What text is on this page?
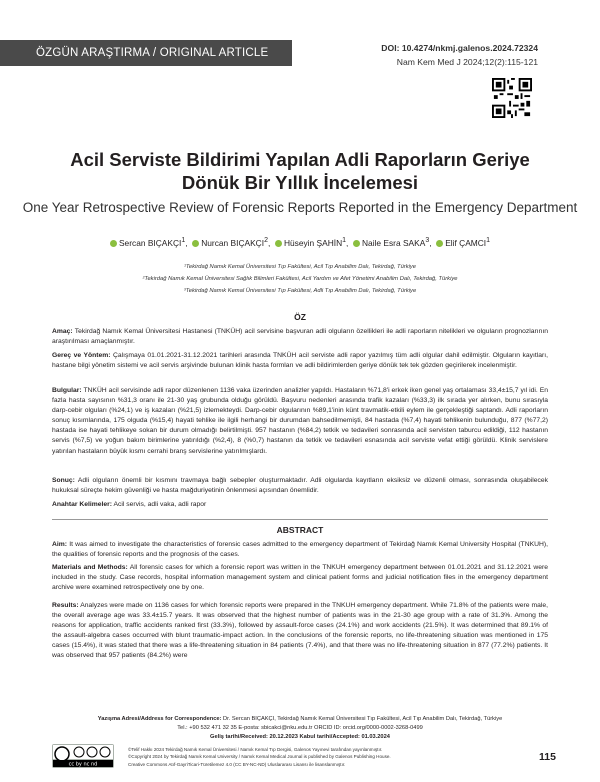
ÖZGÜN ARAŞTIRMA / ORIGINAL ARTICLE	DOI: 10.4274/nkmj.galenos.2024.72324
Nam Kem Med J 2024;12(2):115-121
Acil Serviste Bildirimi Yapılan Adli Raporların Geriye Dönük Bir Yıllık İncelemesi
One Year Retrospective Review of Forensic Reports Reported in the Emergency Department
Sercan BIÇAKÇI$^1$,  Nurcan BIÇAKÇI$^2$,  Hüseyin ŞAHİN$^1$,  Naile Esra SAKA$^3$,  Elif ÇAMCI$^1$
¹Tekirdağ Namık Kemal Üniversitesi Tıp Fakültesi, Acil Tıp Anabilim Dalı, Tekirdağ, Türkiye
²Tekirdağ Namık Kemal Üniversitesi Sağlık Bilimleri Fakültesi, Acil Yardım ve Afet Yönetimi Anabilim Dalı, Tekirdağ, Türkiye
³Tekirdağ Namık Kemal Üniversitesi Tıp Fakültesi, Adli Tıp Anabilim Dalı, Tekirdağ, Türkiye
ÖZ
Amaç: Tekirdağ Namık Kemal Üniversitesi Hastanesi (TNKÜH) acil servisine başvuran adli olguların özellikleri ile adli raporların nitelikleri ve olguların prognozlarının araştırılması amaçlanmıştır.
Gereç ve Yöntem: Çalışmaya 01.01.2021-31.12.2021 tarihleri arasında TNKÜH acil serviste adli rapor yazılmış tüm adli olgular dahil edilmiştir. Olguların kayıtları, hastane bilgi yönetim sistemi ve acil servis arşivinde bulunan klinik hasta formları ve adli bildirimlerden geriye dönük tek tek gözden geçirilerek incelenmiştir.
Bulgular: TNKÜH acil servisinde adli rapor düzenlenen 1136 vaka üzerinden analizler yapıldı. Hastaların %71,8'i erkek iken genel yaş ortalaması 33,4±15,7 yıl idi. En fazla hasta sayısının %31,3 oranı ile 21-30 yaş grubunda olduğu görüldü. Başvuru nedenleri arasında trafik kazaları (%33,3) ilk sırada yer alırken, bunu sırasıyla darp-cebir olguları (%24,1) ve iş kazaları (%21,5) izlemekteydi. Darp-cebir olgularının %89,1'inin künt travmatik-etkili eylem ile gerçekleştiği saptandı. Adli raporların sonuç kısımlarında, 175 olguda (%15,4) hayati tehlike ile ilgili herhangi bir durumdan bahsedilmemişti, 84 hastada (%7,4) hayati tehlikenin bulunduğu, 877 (%77,2) hastada ise hayati tehlikeye sokan bir durum olmadığı belirtilmişti. 957 hastanın (%84,2) tetkik ve tedavileri sonrasında acil servisten taburcu edildiği, 112 hastanın servis (%7,5) ve yoğun bakım birimlerine yatırıldığı (%2,4), 8 (%0,7) hastanın da tetkik ve tedavileri esnasında acil serviste vefat ettiği görüldü. Klinik servislere yatırılan hastaların büyük kısmı cerrahi branş servislerine yatırılmışlardı.
Sonuç: Adli olguların önemli bir kısmını travmaya bağlı sebepler oluşturmaktadır. Adli olgularda kayıtların eksiksiz ve düzenli olması, sonrasında oluşabilecek hukuksal süreçte hekim güvenliği ve hasta mağduriyetinin önlenmesi açısından önemlidir.
Anahtar Kelimeler: Acil servis, adli vaka, adli rapor
ABSTRACT
Aim: It was aimed to investigate the characteristics of forensic cases admitted to the emergency department of Tekirdağ Namık Kemal University Hospital (TNKUH), the qualities of forensic reports and the prognosis of the cases.
Materials and Methods: All forensic cases for which a forensic report was written in the TNKUH emergency department between 01.01.2021 and 31.12.2021 were included in the study. Case records, hospital information management system and clinical patient forms and judicial notification files in the emergency department archive were examined retrospectively one by one.
Results: Analyzes were made on 1136 cases for which forensic reports were prepared in the TNKUH emergency department. While 71.8% of the patients were male, the overall average age was 33.4±15.7 years. It was observed that the highest number of patients was in the 21-30 age group with a rate of 31.3%. Among the reasons for application, traffic accidents ranked first (33.3%), followed by assault-force cases (24.1%) and work accidents (21.5%). It was determined that 89.1% of the assault-algebra cases occurred with blunt traumatic-impact action. In the conclusions of the forensic reports, no life-threatening situation was mentioned in 175 cases (15.4%), it was stated that there was a life-threatening situation in 84 patients (7.4%), and that there was no life-threatening situation in 877 (77.2%) patients. It was observed that 957 patients (84.2%) were
Yazışma Adresi/Address for Correspondence: Dr. Sercan BIÇAKÇI, Tekirdağ Namık Kemal Üniversitesi Tıp Fakültesi, Acil Tıp Anabilim Dalı, Tekirdağ, Türkiye
Tel.: +90 532 471 32 35 E-posta: sbicakci@nku.edu.tr ORCID ID: orcid.org/0000-0002-3268-0499
Geliş tarihi/Received: 20.12.2023 Kabul tarihi/Accepted: 01.03.2024
cc by nc nd
©Telif Hakkı 2024 Tekirdağ Namık Kemal Üniversitesi / Namık Kemal Tıp Dergisi, Galenos Yayınevi tarafından yayınlanmıştır.
©Copyright 2024 by Tekirdağ Namık Kemal University / Namık Kemal Medical Journal is published by Galenos Publishing House.
Creative Commons Atıf-GayriTicari-Türetilemez 4.0 (CC BY-NC-ND) Uluslararası Lisansı ile lisanslanmıştır.
115
